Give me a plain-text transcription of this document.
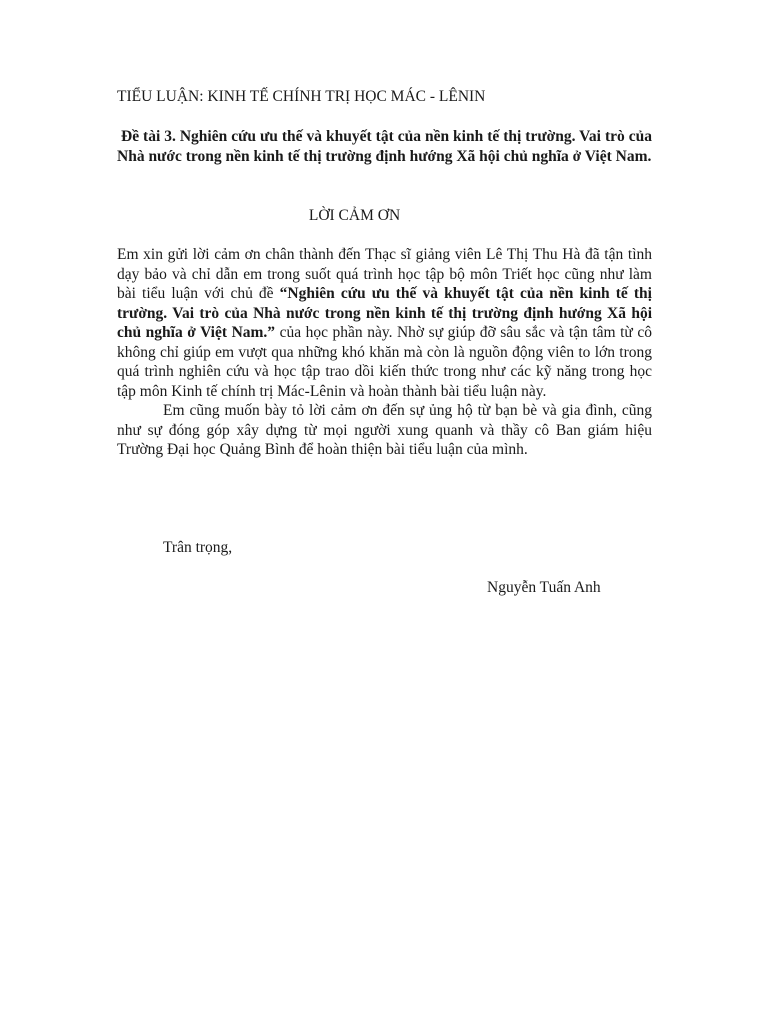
TIỂU LUẬN: KINH TẾ CHÍNH TRỊ HỌC MÁC - LÊNIN
Đề tài 3. Nghiên cứu ưu thế và khuyết tật của nền kinh tế thị trường. Vai trò của Nhà nước trong nền kinh tế thị trường định hướng Xã hội chủ nghĩa ở Việt Nam.
LỜI CẢM ƠN

Em xin gửi lời cảm ơn chân thành đến Thạc sĩ giảng viên Lê Thị Thu Hà đã tận tình dạy bảo và chỉ dẫn em trong suốt quá trình học tập bộ môn Triết học cũng như làm bài tiểu luận với chủ đề “Nghiên cứu ưu thế và khuyết tật của nền kinh tế thị trường. Vai trò của Nhà nước trong nền kinh tế thị trường định hướng Xã hội chủ nghĩa ở Việt Nam.” của học phần này. Nhờ sự giúp đỡ sâu sắc và tận tâm từ cô không chỉ giúp em vượt qua những khó khăn mà còn là nguồn động viên to lớn trong quá trình nghiên cứu và học tập trao dồi kiến thức trong như các kỹ năng trong học tập môn Kinh tế chính trị Mác-Lênin và hoàn thành bài tiểu luận này.

Em cũng muốn bày tỏ lời cảm ơn đến sự ủng hộ từ bạn bè và gia đình, cũng như sự đóng góp xây dựng từ mọi người xung quanh và thầy cô Ban giám hiệu Trường Đại học Quảng Bình để hoàn thiện bài tiểu luận của mình.

Trân trọng,
Nguyễn Tuấn Anh
